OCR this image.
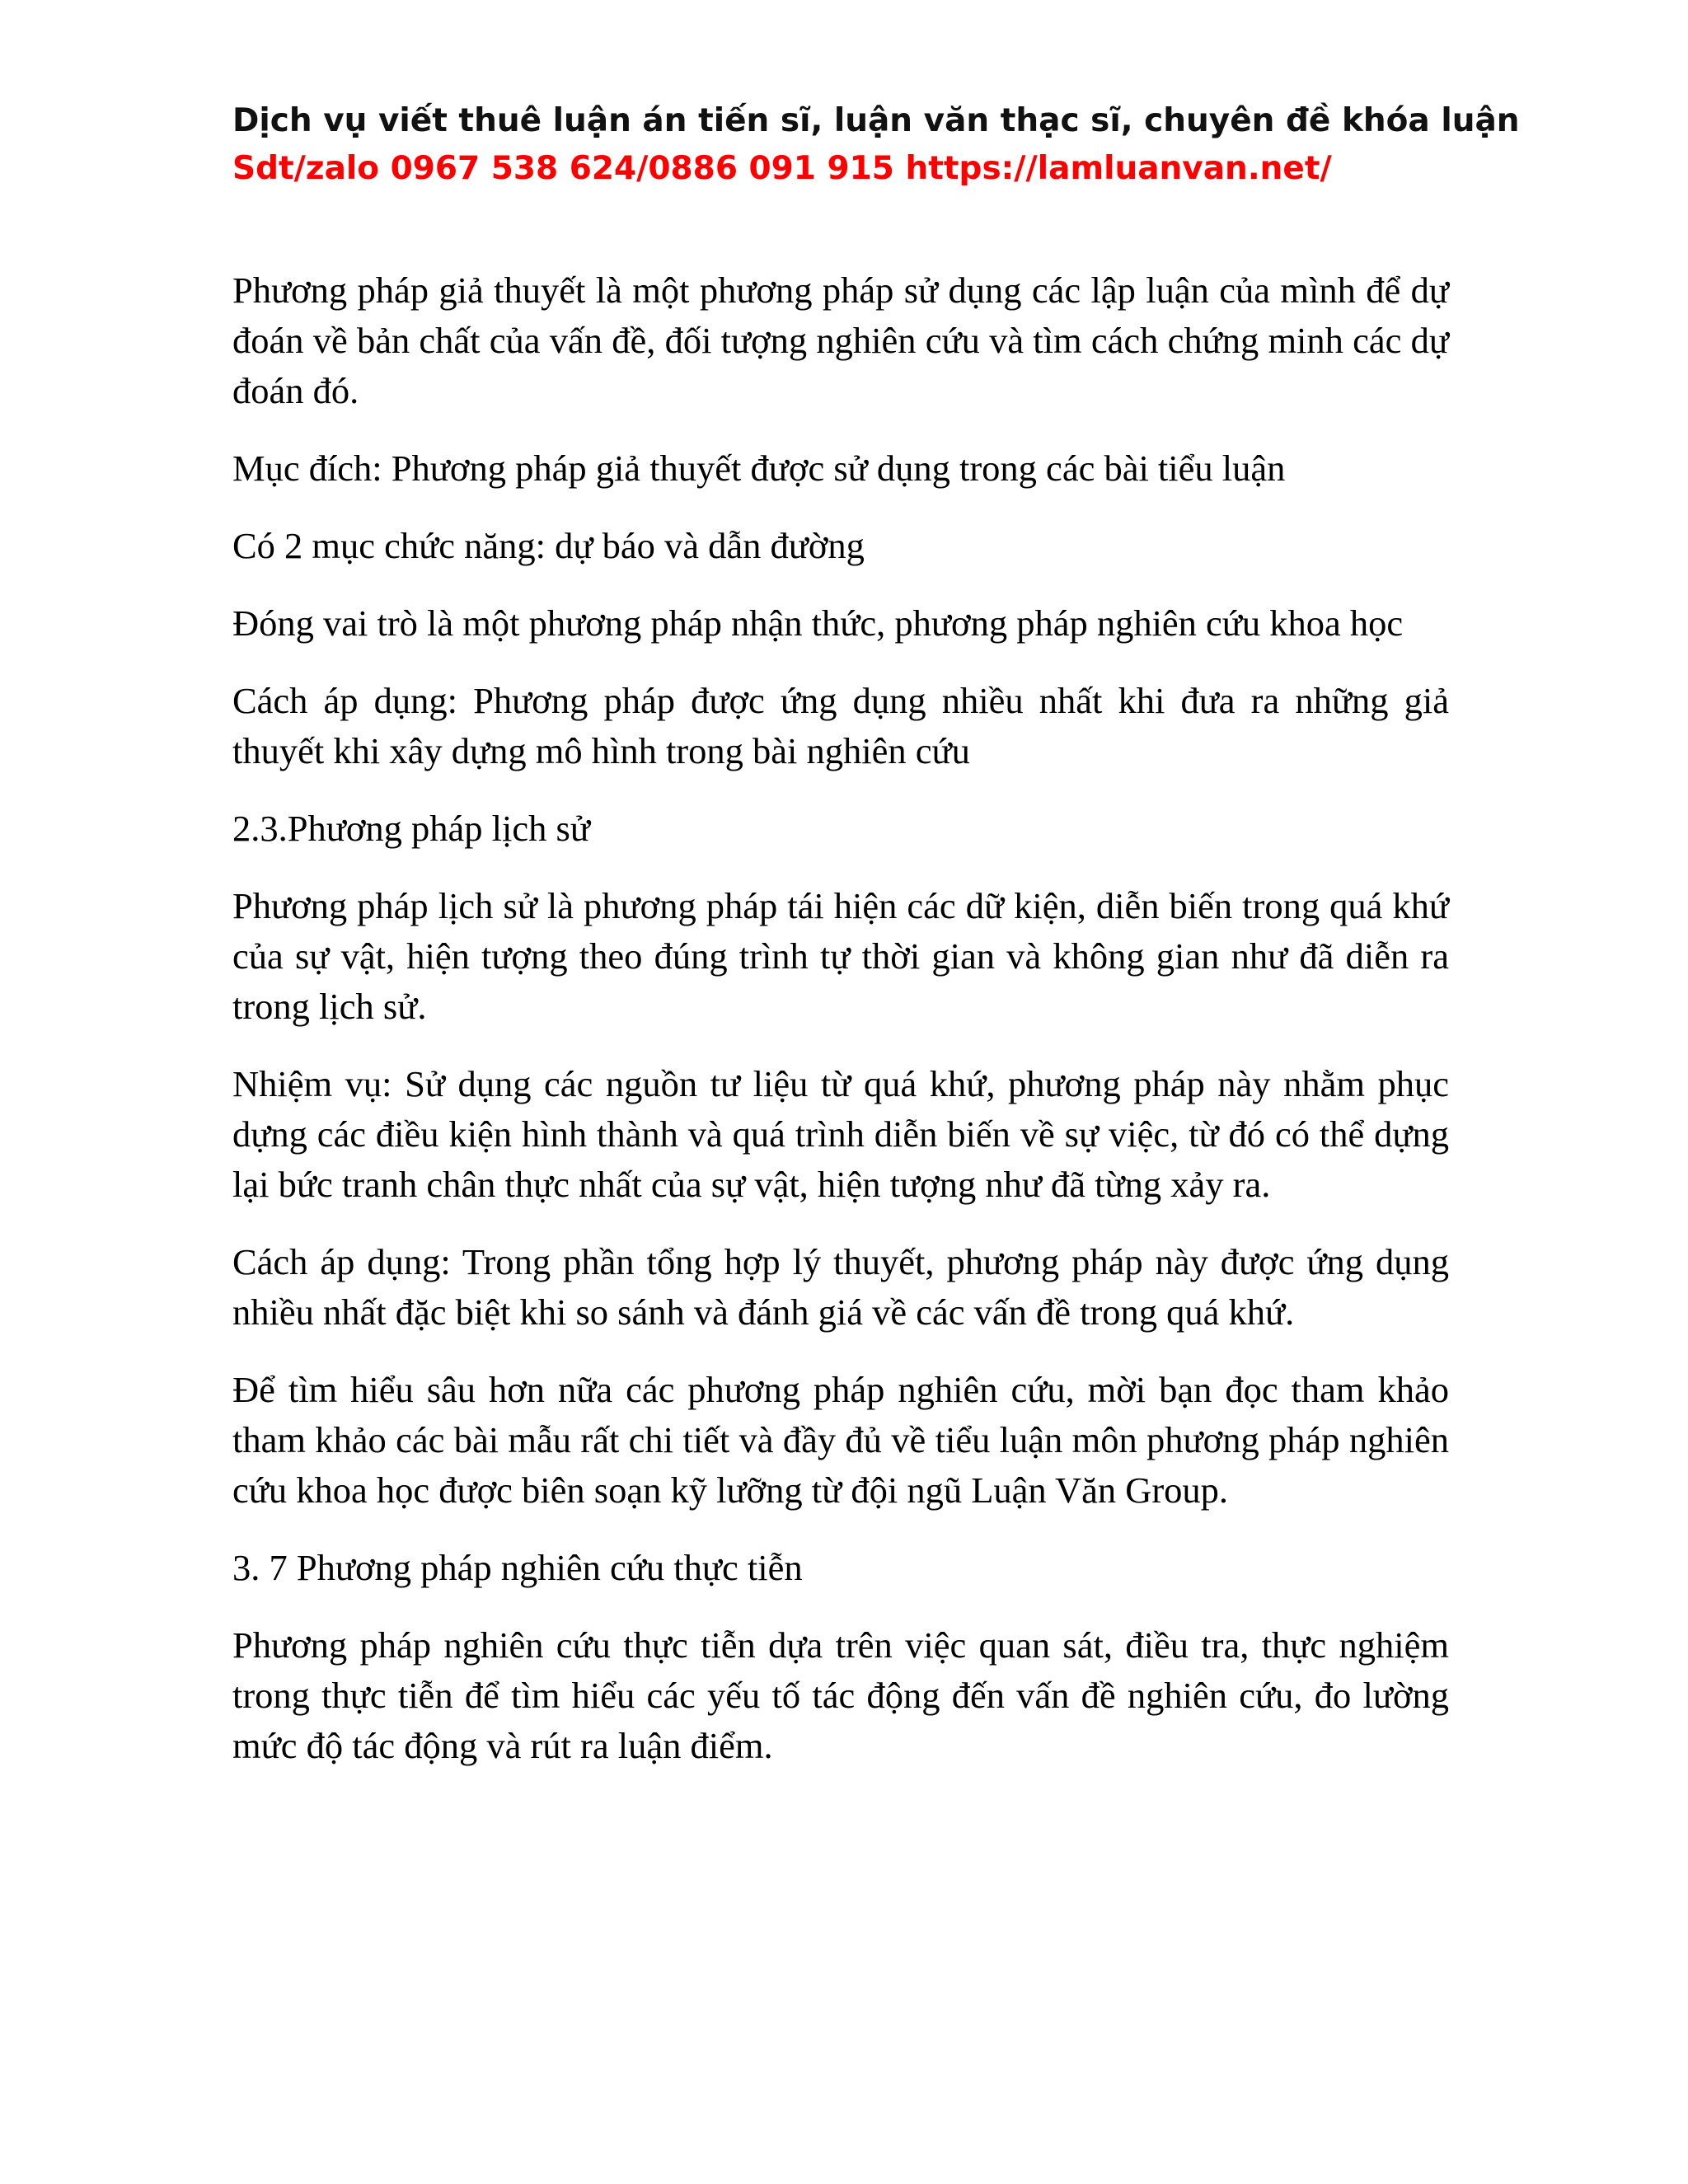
Dịch vụ viết thuê luận án tiến sĩ, luận văn thạc sĩ, chuyên đề khóa luận
Sdt/zalo 0967 538 624/0886 091 915 https://lamluanvan.net/

Phương pháp giả thuyết là một phương pháp sử dụng các lập luận của mình để dự đoán về bản chất của vấn đề, đối tượng nghiên cứu và tìm cách chứng minh các dự đoán đó.

Mục đích: Phương pháp giả thuyết được sử dụng trong các bài tiểu luận

Có 2 mục chức năng: dự báo và dẫn đường

Đóng vai trò là một phương pháp nhận thức, phương pháp nghiên cứu khoa học

Cách áp dụng: Phương pháp được ứng dụng nhiều nhất khi đưa ra những giả thuyết khi xây dựng mô hình trong bài nghiên cứu

2.3.Phương pháp lịch sử

Phương pháp lịch sử là phương pháp tái hiện các dữ kiện, diễn biến trong quá khứ của sự vật, hiện tượng theo đúng trình tự thời gian và không gian như đã diễn ra trong lịch sử.

Nhiệm vụ: Sử dụng các nguồn tư liệu từ quá khứ, phương pháp này nhằm phục dựng các điều kiện hình thành và quá trình diễn biến về sự việc, từ đó có thể dựng lại bức tranh chân thực nhất của sự vật, hiện tượng như đã từng xảy ra.

Cách áp dụng: Trong phần tổng hợp lý thuyết, phương pháp này được ứng dụng nhiều nhất đặc biệt khi so sánh và đánh giá về các vấn đề trong quá khứ.

Để tìm hiểu sâu hơn nữa các phương pháp nghiên cứu, mời bạn đọc tham khảo tham khảo các bài mẫu rất chi tiết và đầy đủ về tiểu luận môn phương pháp nghiên cứu khoa học được biên soạn kỹ lưỡng từ đội ngũ Luận Văn Group.

3. 7 Phương pháp nghiên cứu thực tiễn

Phương pháp nghiên cứu thực tiễn dựa trên việc quan sát, điều tra, thực nghiệm trong thực tiễn để tìm hiểu các yếu tố tác động đến vấn đề nghiên cứu, đo lường mức độ tác động và rút ra luận điểm.
